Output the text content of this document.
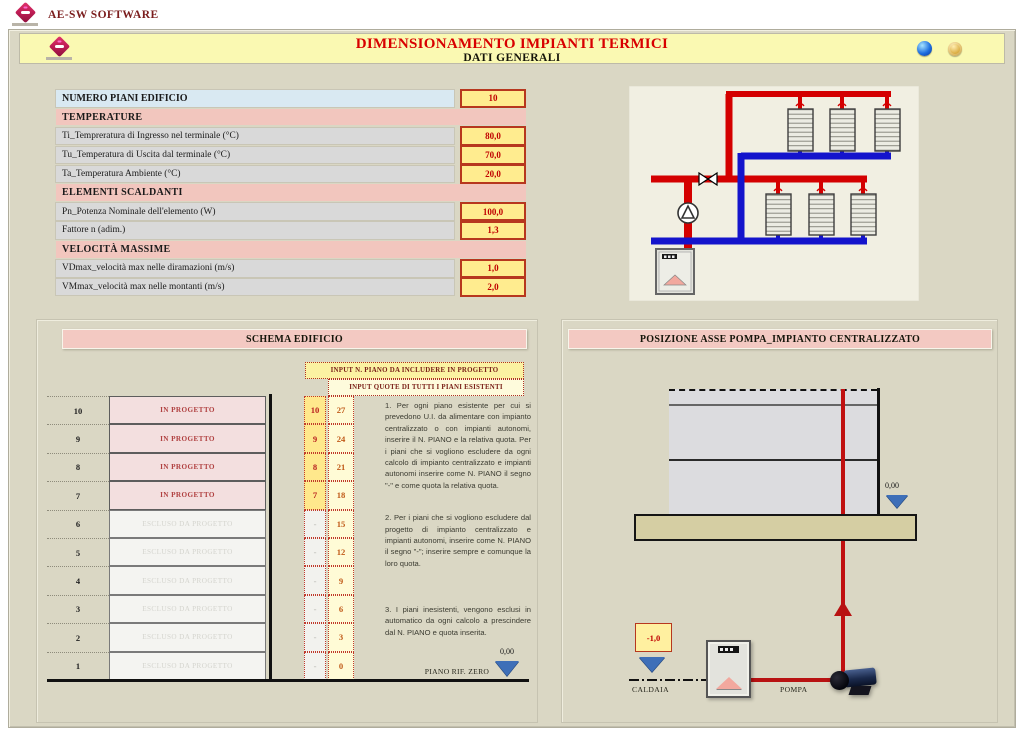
AE-SW SOFTWARE
DIMENSIONAMENTO IMPIANTI TERMICI
DATI GENERALI
NUMERO PIANI EDIFICIO	10
TEMPERATURE
Ti_Tempreratura di Ingresso nel terminale (°C)	80,0
Tu_Temperatura di Uscita dal terminale (°C)	70,0
Ta_Temperatura Ambiente (°C)	20,0
ELEMENTI SCALDANTI
Pn_Potenza Nominale dell'elemento (W)	100,0
Fattore n (adim.)	1,3
VELOCITÀ MASSIME
VDmax_velocità max nelle diramazioni (m/s)	1,0
VMmax_velocità max nelle montanti (m/s)	2,0
SCHEMA EDIFICIO
INPUT N. PIANO DA INCLUDERE IN PROGETTO
INPUT QUOTE DI TUTTI I PIANI ESISTENTI
10	IN PROGETTO	10	27
9	IN PROGETTO	9	24
8	IN PROGETTO	8	21
7	IN PROGETTO	7	18
6	ESCLUSO DA PROGETTO	-	15
5	ESCLUSO DA PROGETTO	-	12
4	ESCLUSO DA PROGETTO	-	9
3	ESCLUSO DA PROGETTO	-	6
2	ESCLUSO DA PROGETTO	-	3
1	ESCLUSO DA PROGETTO	-	0

1. Per ogni piano esistente per cui si prevedono U.I. da alimentare con impianto centralizzato o con impianti autonomi, inserire il N. PIANO e la relativa quota. Per i piani che si vogliono escludere da ogni calcolo di impianto centralizzato e impianti autonomi inserire come N. PIANO il segno "-" e come quota la relativa quota.

2. Per i piani che si vogliono escludere dal progetto di impianto centralizzato e impianti autonomi, inserire come N. PIANO il segno "-"; inserire sempre e comunque la loro quota.

3. I piani inesistenti, vengono esclusi in automatico da ogni calcolo a prescindere dal N. PIANO e quota inserita.

0,00
PIANO RIF. ZERO
POSIZIONE ASSE POMPA_IMPIANTO CENTRALIZZATO
0,00
-1,0
CALDAIA	POMPA
